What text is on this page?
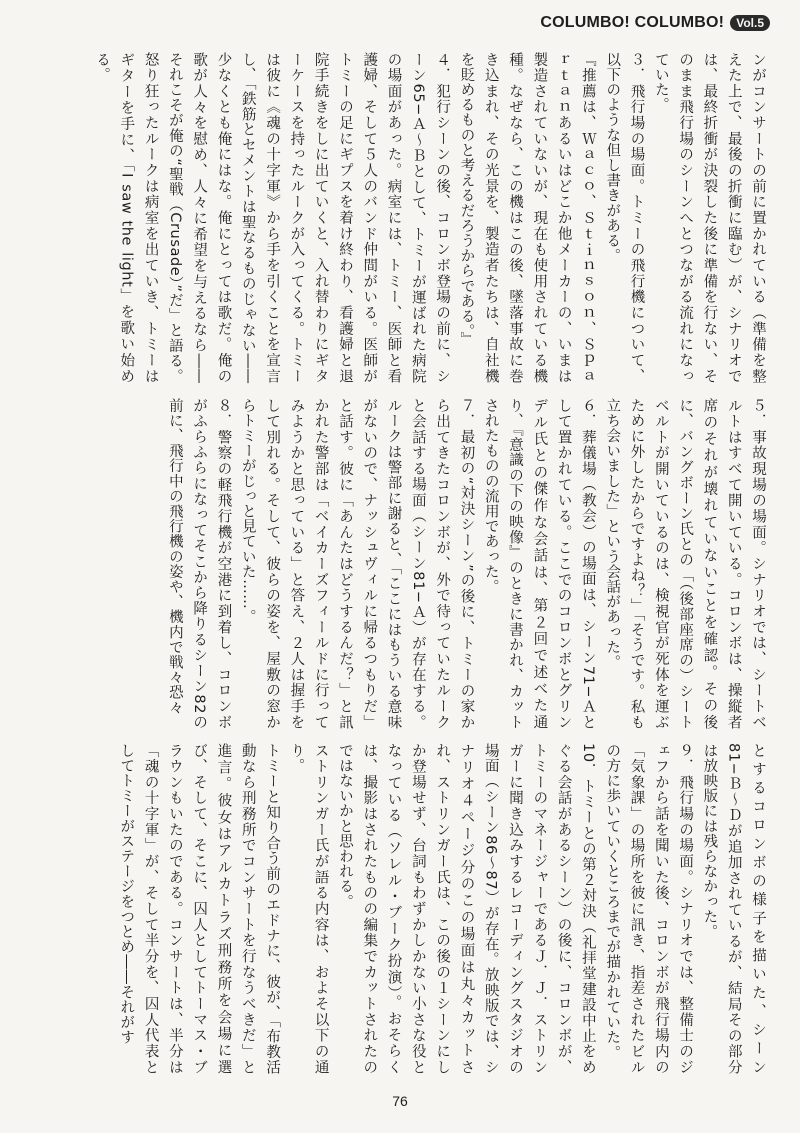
COLUMBO! COLUMBO!	Vol.5
ンがコンサートの前に置かれている（準備を整えた上で、最後の折衝に臨む）が、シナリオでは、最終折衝が決裂した後に準備を行ない、そのまま飛行場のシーンへとつながる流れになっていた。
３．飛行場の場面。トミーの飛行機について、以下のような但し書きがある。
『推薦は、Ｗａｃｏ、Ｓｔｉｎｓｏｎ、Ｓｐａｒｔａｎあるいはどこか他メーカーの、いまは製造されていないが、現在も使用されている機種。なぜなら、この機はこの後、墜落事故に巻き込まれ、その光景を、製造者たちは、自社機を貶めるものと考えるだろうからである。』
４．犯行シーンの後、コロンボ登場の前に、シーン65−Ａ〜Ｂとして、トミーが運ばれた病院の場面があった。病室には、トミー、医師と看護婦、そして５人のバンド仲間がいる。医師がトミーの足にギプスを着け終わり、看護婦と退院手続きをしに出ていくと、入れ替わりにギターケースを持ったルークが入ってくる。トミーは彼に《魂の十字軍》から手を引くことを宣言し、「鉄筋とセメントは聖なるものじゃない――少なくとも俺にはな。俺にとっては歌だ。俺の歌が人々を慰め、人々に希望を与えるなら――それこそが俺の“聖戦（Crusade）”だ」と語る。怒り狂ったルークは病室を出ていき、トミーはギターを手に、「I saw the light」を歌い始める。
５．事故現場の場面。シナリオでは、シートベルトはすべて開いている。コロンボは、操縦者席のそれが壊れていないことを確認。その後に、バングボーン氏との「（後部座席の）シートベルトが開いているのは、検視官が死体を運ぶために外したからですよね？」「そうです。私も立ち会いました」という会話があった。
６．葬儀場（教会）の場面は、シーン71−Ａとして置かれている。ここでのコロンボとグリンデル氏との傑作な会話は、第２回で述べた通り、『意識の下の映像』のときに書かれ、カットされたものの流用であった。
７．最初の“対決シーン”の後に、トミーの家から出てきたコロンボが、外で待っていたルークと会話する場面（シーン81−Ａ）が存在する。ルークは警部に謝ると、「ここにはもういる意味がないので、ナッシュヴィルに帰るつもりだ」と話す。彼に「あんたはどうするんだ？」と訊かれた警部は「ベイカーズフィールドに行ってみようかと思っている」と答え、２人は握手をして別れる。そして、彼らの姿を、屋敷の窓からトミーがじっと見ていた……。
８．警察の軽飛行機が空港に到着し、コロンボがふらふらになってそこから降りるシーン82の前に、飛行中の飛行機の姿や、機内で戦々恐々
とするコロンボの様子を描いた、シーン81−Ｂ〜Ｄが追加されているが、結局その部分は放映版には残らなかった。
９．飛行場の場面。シナリオでは、整備士のジェフから話を聞いた後、コロンボが飛行場内の「気象課」の場所を彼に訊き、指差されたビルの方に歩いていくところまでが描かれていた。
10．トミーとの第２対決（礼拝堂建設中止をめぐる会話があるシーン）の後に、コロンボが、トミーのマネージャーであるＪ．Ｊ．ストリンガーに聞き込みするレコーディングスタジオの場面（シーン86〜87）が存在。放映版では、シナリオ４ページ分のこの場面は丸々カットされ、ストリンガー氏は、この後の１シーンにしか登場せず、台詞もわずかしかない小さな役となっている（ソレル・ブーク扮演）。おそらくは、撮影はされたものの編集でカットされたのではないかと思われる。
ストリンガー氏が語る内容は、およそ以下の通り。
トミーと知り合う前のエドナに、彼が、「布教活動なら刑務所でコンサートを行なうべきだ」と進言。彼女はアルカトラズ刑務所を会場に選び、そして、そこに、囚人としてトーマス・ブラウンもいたのである。コンサートは、半分は「魂の十字軍」が、そして半分を、囚人代表としてトミーがステージをつとめ――それがす
76
